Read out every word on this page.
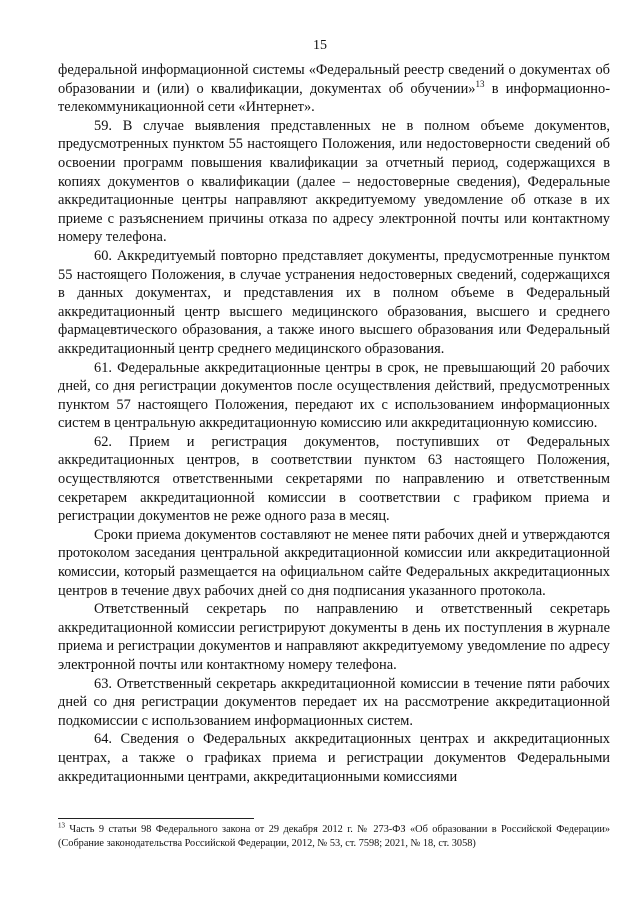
15

федеральной информационной системы «Федеральный реестр сведений о документах об образовании и (или) о квалификации, документах об обучении»$^{13}$ в информационно-телекоммуникационной сети «Интернет».

59. В случае выявления представленных не в полном объеме документов, предусмотренных пунктом 55 настоящего Положения, или недостоверности сведений об освоении программ повышения квалификации за отчетный период, содержащихся в копиях документов о квалификации (далее – недостоверные сведения), Федеральные аккредитационные центры направляют аккредитуемому уведомление об отказе в их приеме с разъяснением причины отказа по адресу электронной почты или контактному номеру телефона.

60. Аккредитуемый повторно представляет документы, предусмотренные пунктом 55 настоящего Положения, в случае устранения недостоверных сведений, содержащихся в данных документах, и представления их в полном объеме в Федеральный аккредитационный центр высшего медицинского образования, высшего и среднего фармацевтического образования, а также иного высшего образования или Федеральный аккредитационный центр среднего медицинского образования.

61. Федеральные аккредитационные центры в срок, не превышающий 20 рабочих дней, со дня регистрации документов после осуществления действий, предусмотренных пунктом 57 настоящего Положения, передают их с использованием информационных систем в центральную аккредитационную комиссию или аккредитационную комиссию.

62. Прием и регистрация документов, поступивших от Федеральных аккредитационных центров, в соответствии пунктом 63 настоящего Положения, осуществляются ответственными секретарями по направлению и ответственным секретарем аккредитационной комиссии в соответствии с графиком приема и регистрации документов не реже одного раза в месяц.

Сроки приема документов составляют не менее пяти рабочих дней и утверждаются протоколом заседания центральной аккредитационной комиссии или аккредитационной комиссии, который размещается на официальном сайте Федеральных аккредитационных центров в течение двух рабочих дней со дня подписания указанного протокола.

Ответственный секретарь по направлению и ответственный секретарь аккредитационной комиссии регистрируют документы в день их поступления в журнале приема и регистрации документов и направляют аккредитуемому уведомление по адресу электронной почты или контактному номеру телефона.

63. Ответственный секретарь аккредитационной комиссии в течение пяти рабочих дней со дня регистрации документов передает их на рассмотрение аккредитационной подкомиссии с использованием информационных систем.

64. Сведения о Федеральных аккредитационных центрах и аккредитационных центрах, а также о графиках приема и регистрации документов Федеральными аккредитационными центрами, аккредитационными комиссиями

$^{13}$ Часть 9 статьи 98 Федерального закона от 29 декабря 2012 г. № 273-ФЗ «Об образовании в Российской Федерации» (Собрание законодательства Российской Федерации, 2012, № 53, ст. 7598; 2021, № 18, ст. 3058)
